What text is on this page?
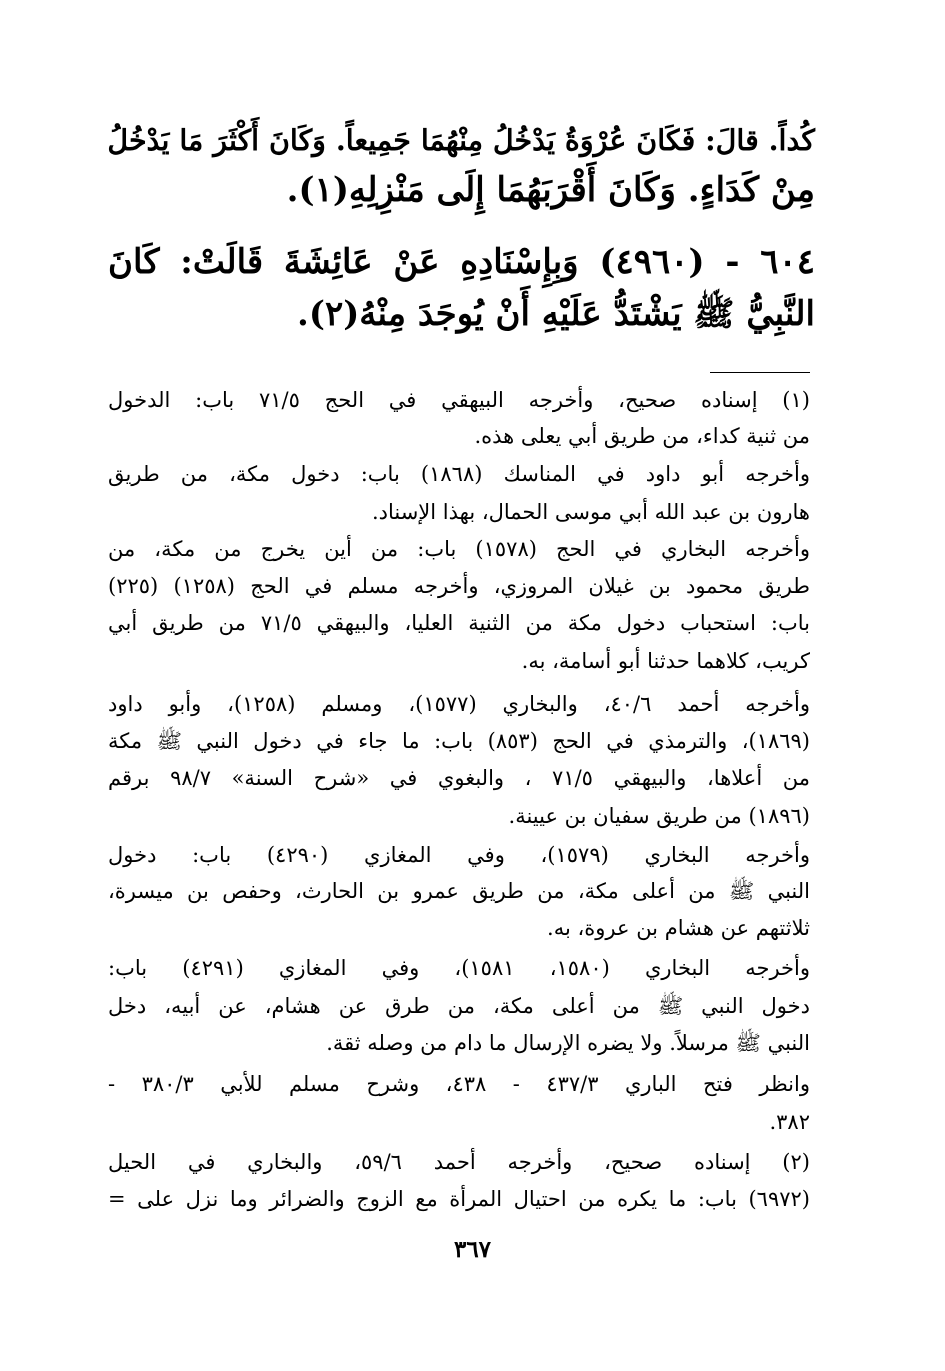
كُداً. قالَ: فَكَانَ عُرْوَةُ يَدْخُلُ مِنْهُمَا جَمِيعاً. وَكَانَ أَكْثَرَ مَا يَدْخُلُ
مِنْ كَدَاءٍ. وَكَانَ أَقْرَبَهُمَا إِلَى مَنْزِلِهِ(١).
٦٠٤ - (٤٩٦٠) وَبِإِسْنَادِهِ عَنْ عَائِشَةَ قَالَتْ: كَانَ
النَّبِيُّ ﷺ يَشْتَدُّ عَلَيْهِ أَنْ يُوجَدَ مِنْهُ(٢).
(١) إسناده صحيح، وأخرجه البيهقي في الحج ٧١/٥ باب: الدخول
من ثنية كداء، من طريق أبي يعلى هذه.
وأخرجه أبو داود في المناسك (١٨٦٨) باب: دخول مكة، من طريق
هارون بن عبد الله أبي موسى الحمال، بهذا الإسناد.
وأخرجه البخاري في الحج (١٥٧٨) باب: من أين يخرج من مكة، من
طريق محمود بن غيلان المروزي، وأخرجه مسلم في الحج (١٢٥٨) (٢٢٥)
باب: استحباب دخول مكة من الثنية العليا، والبيهقي ٧١/٥ من طريق أبي
كريب، كلاهما حدثنا أبو أسامة، به.
وأخرجه أحمد ٤٠/٦، والبخاري (١٥٧٧)، ومسلم (١٢٥٨)، وأبو داود
(١٨٦٩)، والترمذي في الحج (٨٥٣) باب: ما جاء في دخول النبي ﷺ مكة
من أعلاها، والبيهقي ٧١/٥ ، والبغوي في «شرح السنة» ٩٨/٧ برقم
(١٨٩٦) من طريق سفيان بن عيينة.
وأخرجه البخاري (١٥٧٩)، وفي المغازي (٤٢٩٠) باب: دخول
النبي ﷺ من أعلى مكة، من طريق عمرو بن الحارث، وحفص بن ميسرة،
ثلاثتهم عن هشام بن عروة، به.
وأخرجه البخاري (١٥٨٠، ١٥٨١)، وفي المغازي (٤٢٩١) باب:
دخول النبي ﷺ من أعلى مكة، من طرق عن هشام، عن أبيه، دخل
النبي ﷺ مرسلاً. ولا يضره الإرسال ما دام من وصله ثقة.
وانظر فتح الباري ٤٣٧/٣ - ٤٣٨، وشرح مسلم للأبي ٣٨٠/٣ -
٣٨٢.
(٢) إسناده صحيح، وأخرجه أحمد ٥٩/٦، والبخاري في الحيل
(٦٩٧٢) باب: ما يكره من احتيال المرأة مع الزوج والضرائر وما نزل على =
٣٦٧
